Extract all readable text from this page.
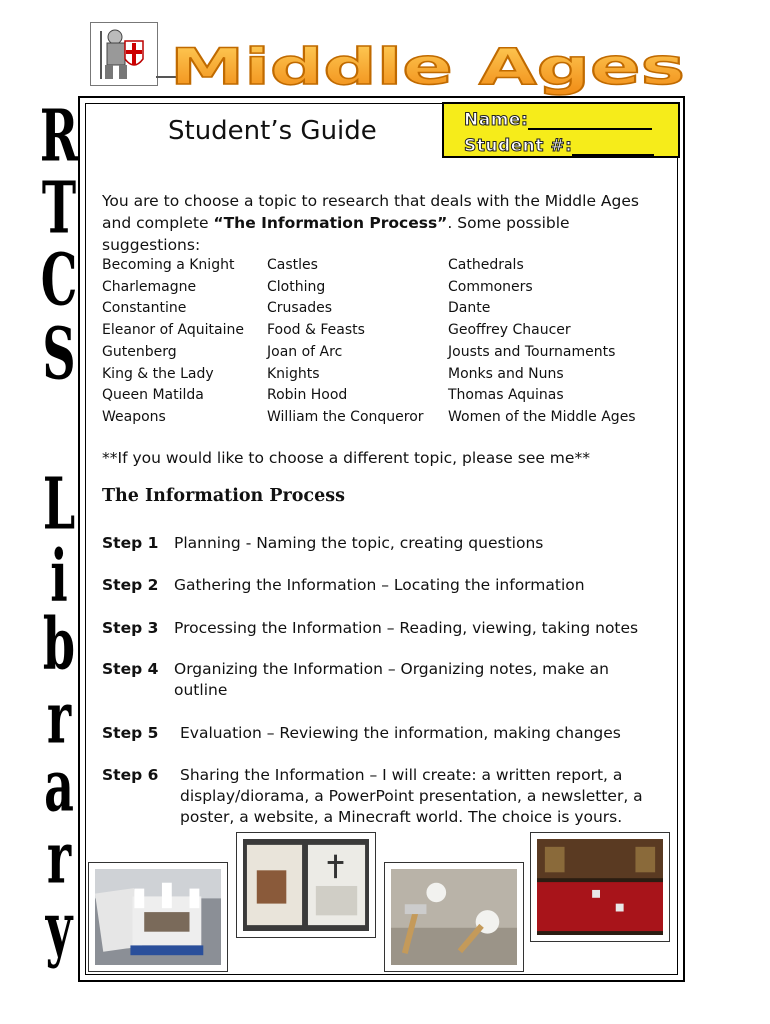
Middle Ages
R
T
C
S
L
i
b
r
a
r
y
Student’s Guide	Name:
Student #:
You are to choose a topic to research that deals with the Middle Ages and complete “The Information Process”. Some possible suggestions:
Becoming a Knight
Charlemagne
Constantine
Eleanor of Aquitaine
Gutenberg
King & the Lady
Queen Matilda
Weapons
Castles
Clothing
Crusades
Food & Feasts
Joan of Arc
Knights
Robin Hood
William the Conqueror
Cathedrals
Commoners
Dante
Geoffrey Chaucer
Jousts and Tournaments
Monks and Nuns
Thomas Aquinas
Women of the Middle Ages
**If you would like to choose a different topic, please see me**
The Information Process
Step 1 Planning - Naming the topic, creating questions
Step 2 Gathering the Information – Locating the information
Step 3 Processing the Information – Reading, viewing, taking notes
Step 4 Organizing the Information – Organizing notes, make an outline
Step 5 Evaluation – Reviewing the information, making changes
Step 6 Sharing the Information – I will create: a written report, a display/diorama, a PowerPoint presentation, a newsletter, a poster, a website, a Minecraft world. The choice is yours.
